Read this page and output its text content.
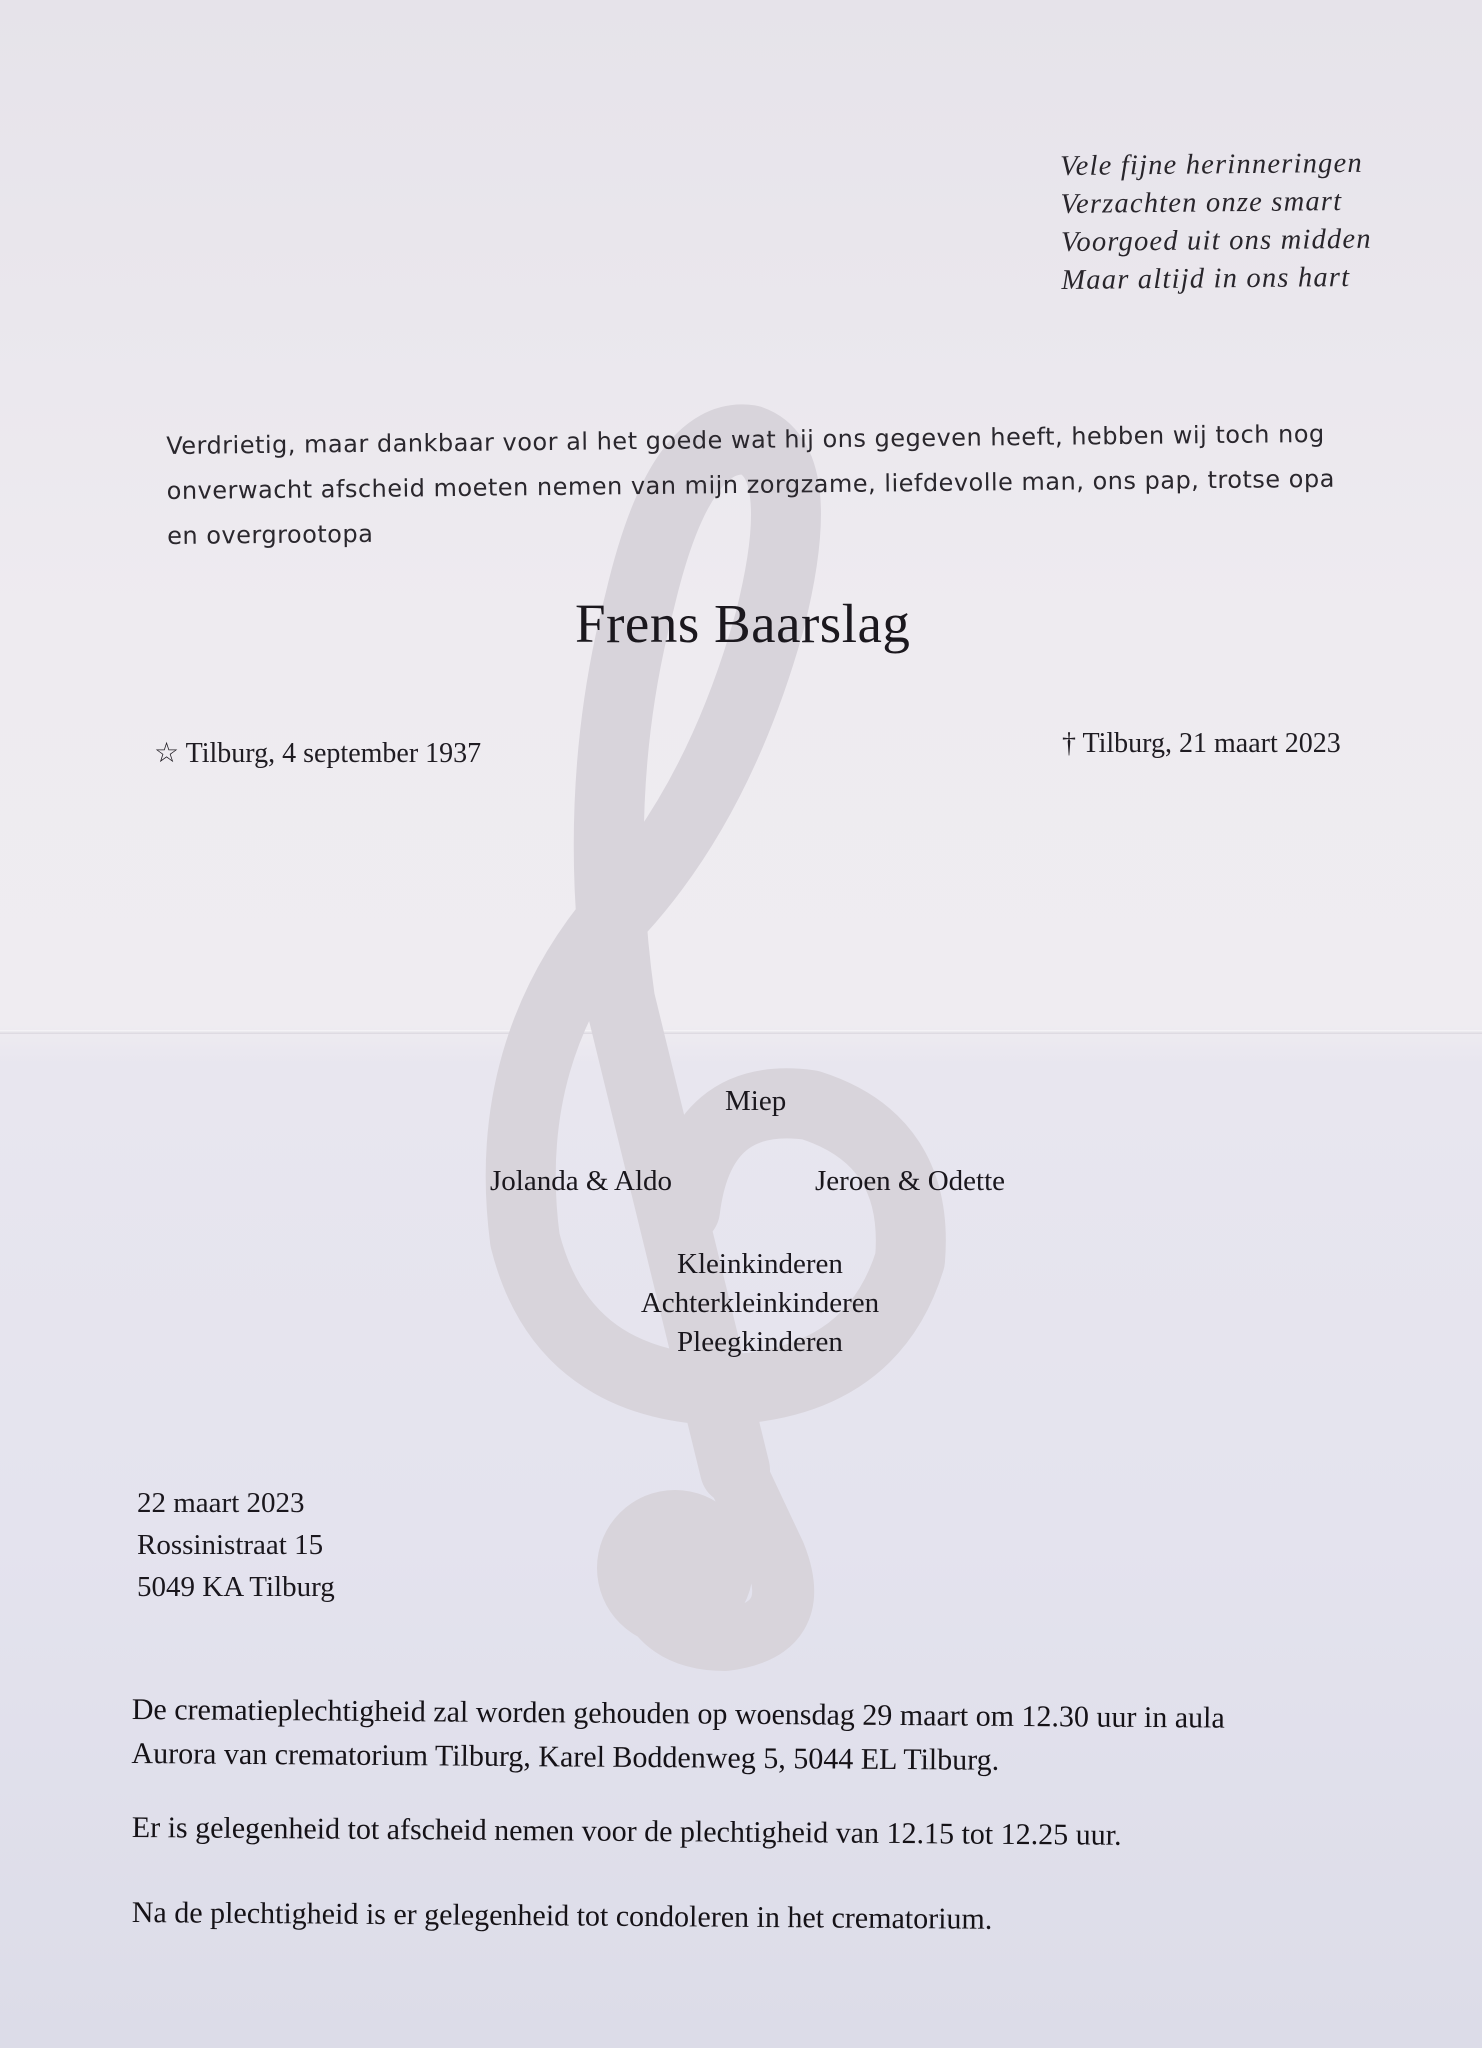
Vele fijne herinneringen
Verzachten onze smart
Voorgoed uit ons midden
Maar altijd in ons hart
Verdrietig, maar dankbaar voor al het goede wat hij ons gegeven heeft, hebben wij toch nog
onverwacht afscheid moeten nemen van mijn zorgzame, liefdevolle man, ons pap, trotse opa
en overgrootopa
Frens Baarslag
☆ Tilburg, 4 september 1937	† Tilburg, 21 maart 2023
Miep
Jolanda & Aldo	Jeroen & Odette
Kleinkinderen
Achterkleinkinderen
Pleegkinderen
22 maart 2023
Rossinistraat 15
5049 KA Tilburg
De crematieplechtigheid zal worden gehouden op woensdag 29 maart om 12.30 uur in aula
Aurora van crematorium Tilburg, Karel Boddenweg 5, 5044 EL Tilburg.
Er is gelegenheid tot afscheid nemen voor de plechtigheid van 12.15 tot 12.25 uur.
Na de plechtigheid is er gelegenheid tot condoleren in het crematorium.
